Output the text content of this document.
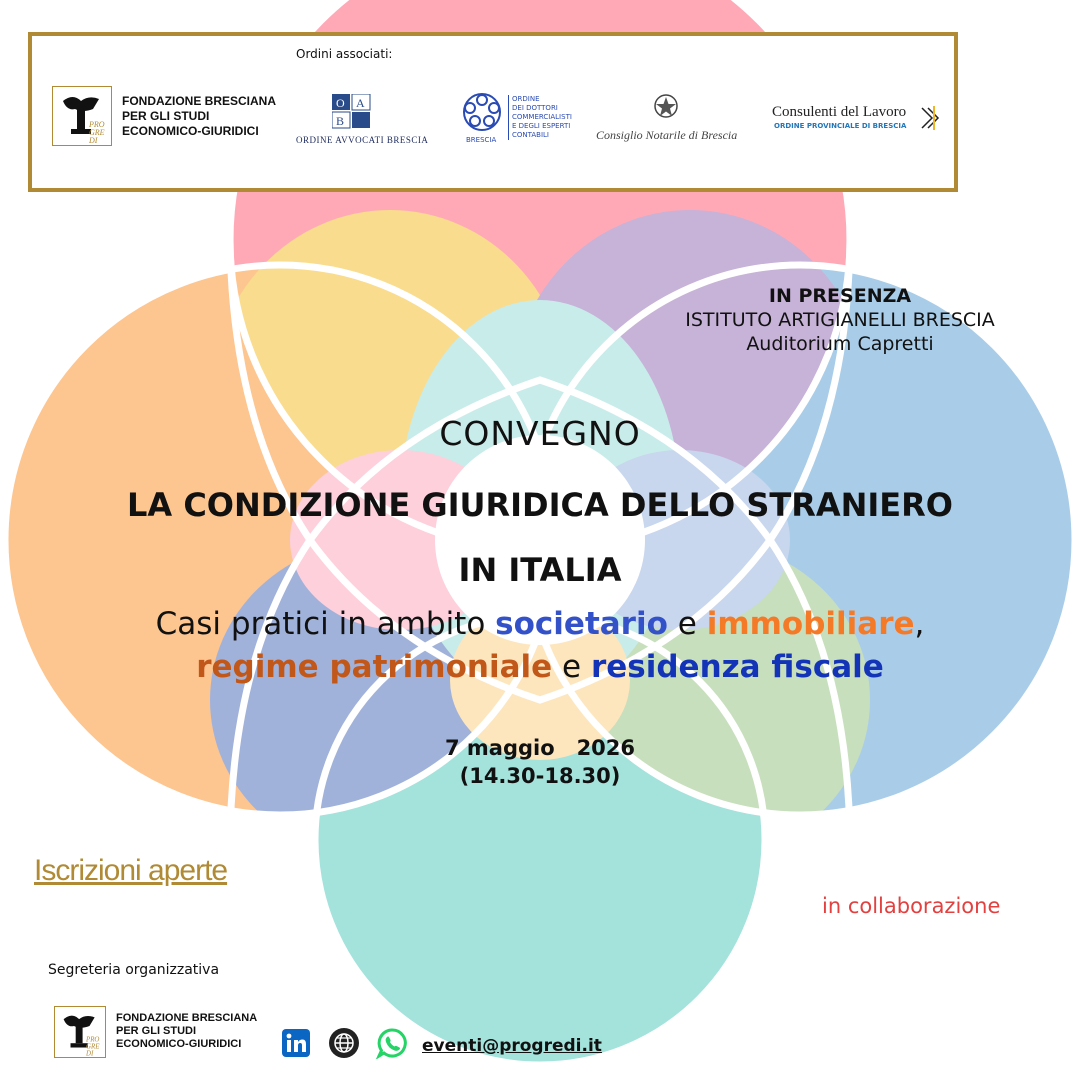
Ordini associati:
PRO
GRE
DI
FONDAZIONE BRESCIANA
PER GLI STUDI
ECONOMICO-GIURIDICI
O A
B
ORDINE AVVOCATI BRESCIA	BRESCIA
ORDINE
DEI DOTTORI
COMMERCIALISTI
E DEGLI ESPERTI
CONTABILI	Consiglio Notarile di Brescia
Consulenti del Lavoro
ORDINE PROVINCIALE DI BRESCIA
IN PRESENZA
ISTITUTO ARTIGIANELLI BRESCIA
Auditorium Capretti
CONVEGNO
LA CONDIZIONE GIURIDICA DELLO STRANIERO
IN ITALIA
Casi pratici in ambito societario e immobiliare,
regime patrimoniale e residenza fiscale
7 maggio   2026
(14.30-18.30)
Iscrizioni aperte
in collaborazione
Segreteria organizzativa
PRO
GRE
DI
FONDAZIONE BRESCIANA
PER GLI STUDI
ECONOMICO-GIURIDICI	eventi@progredi.it
